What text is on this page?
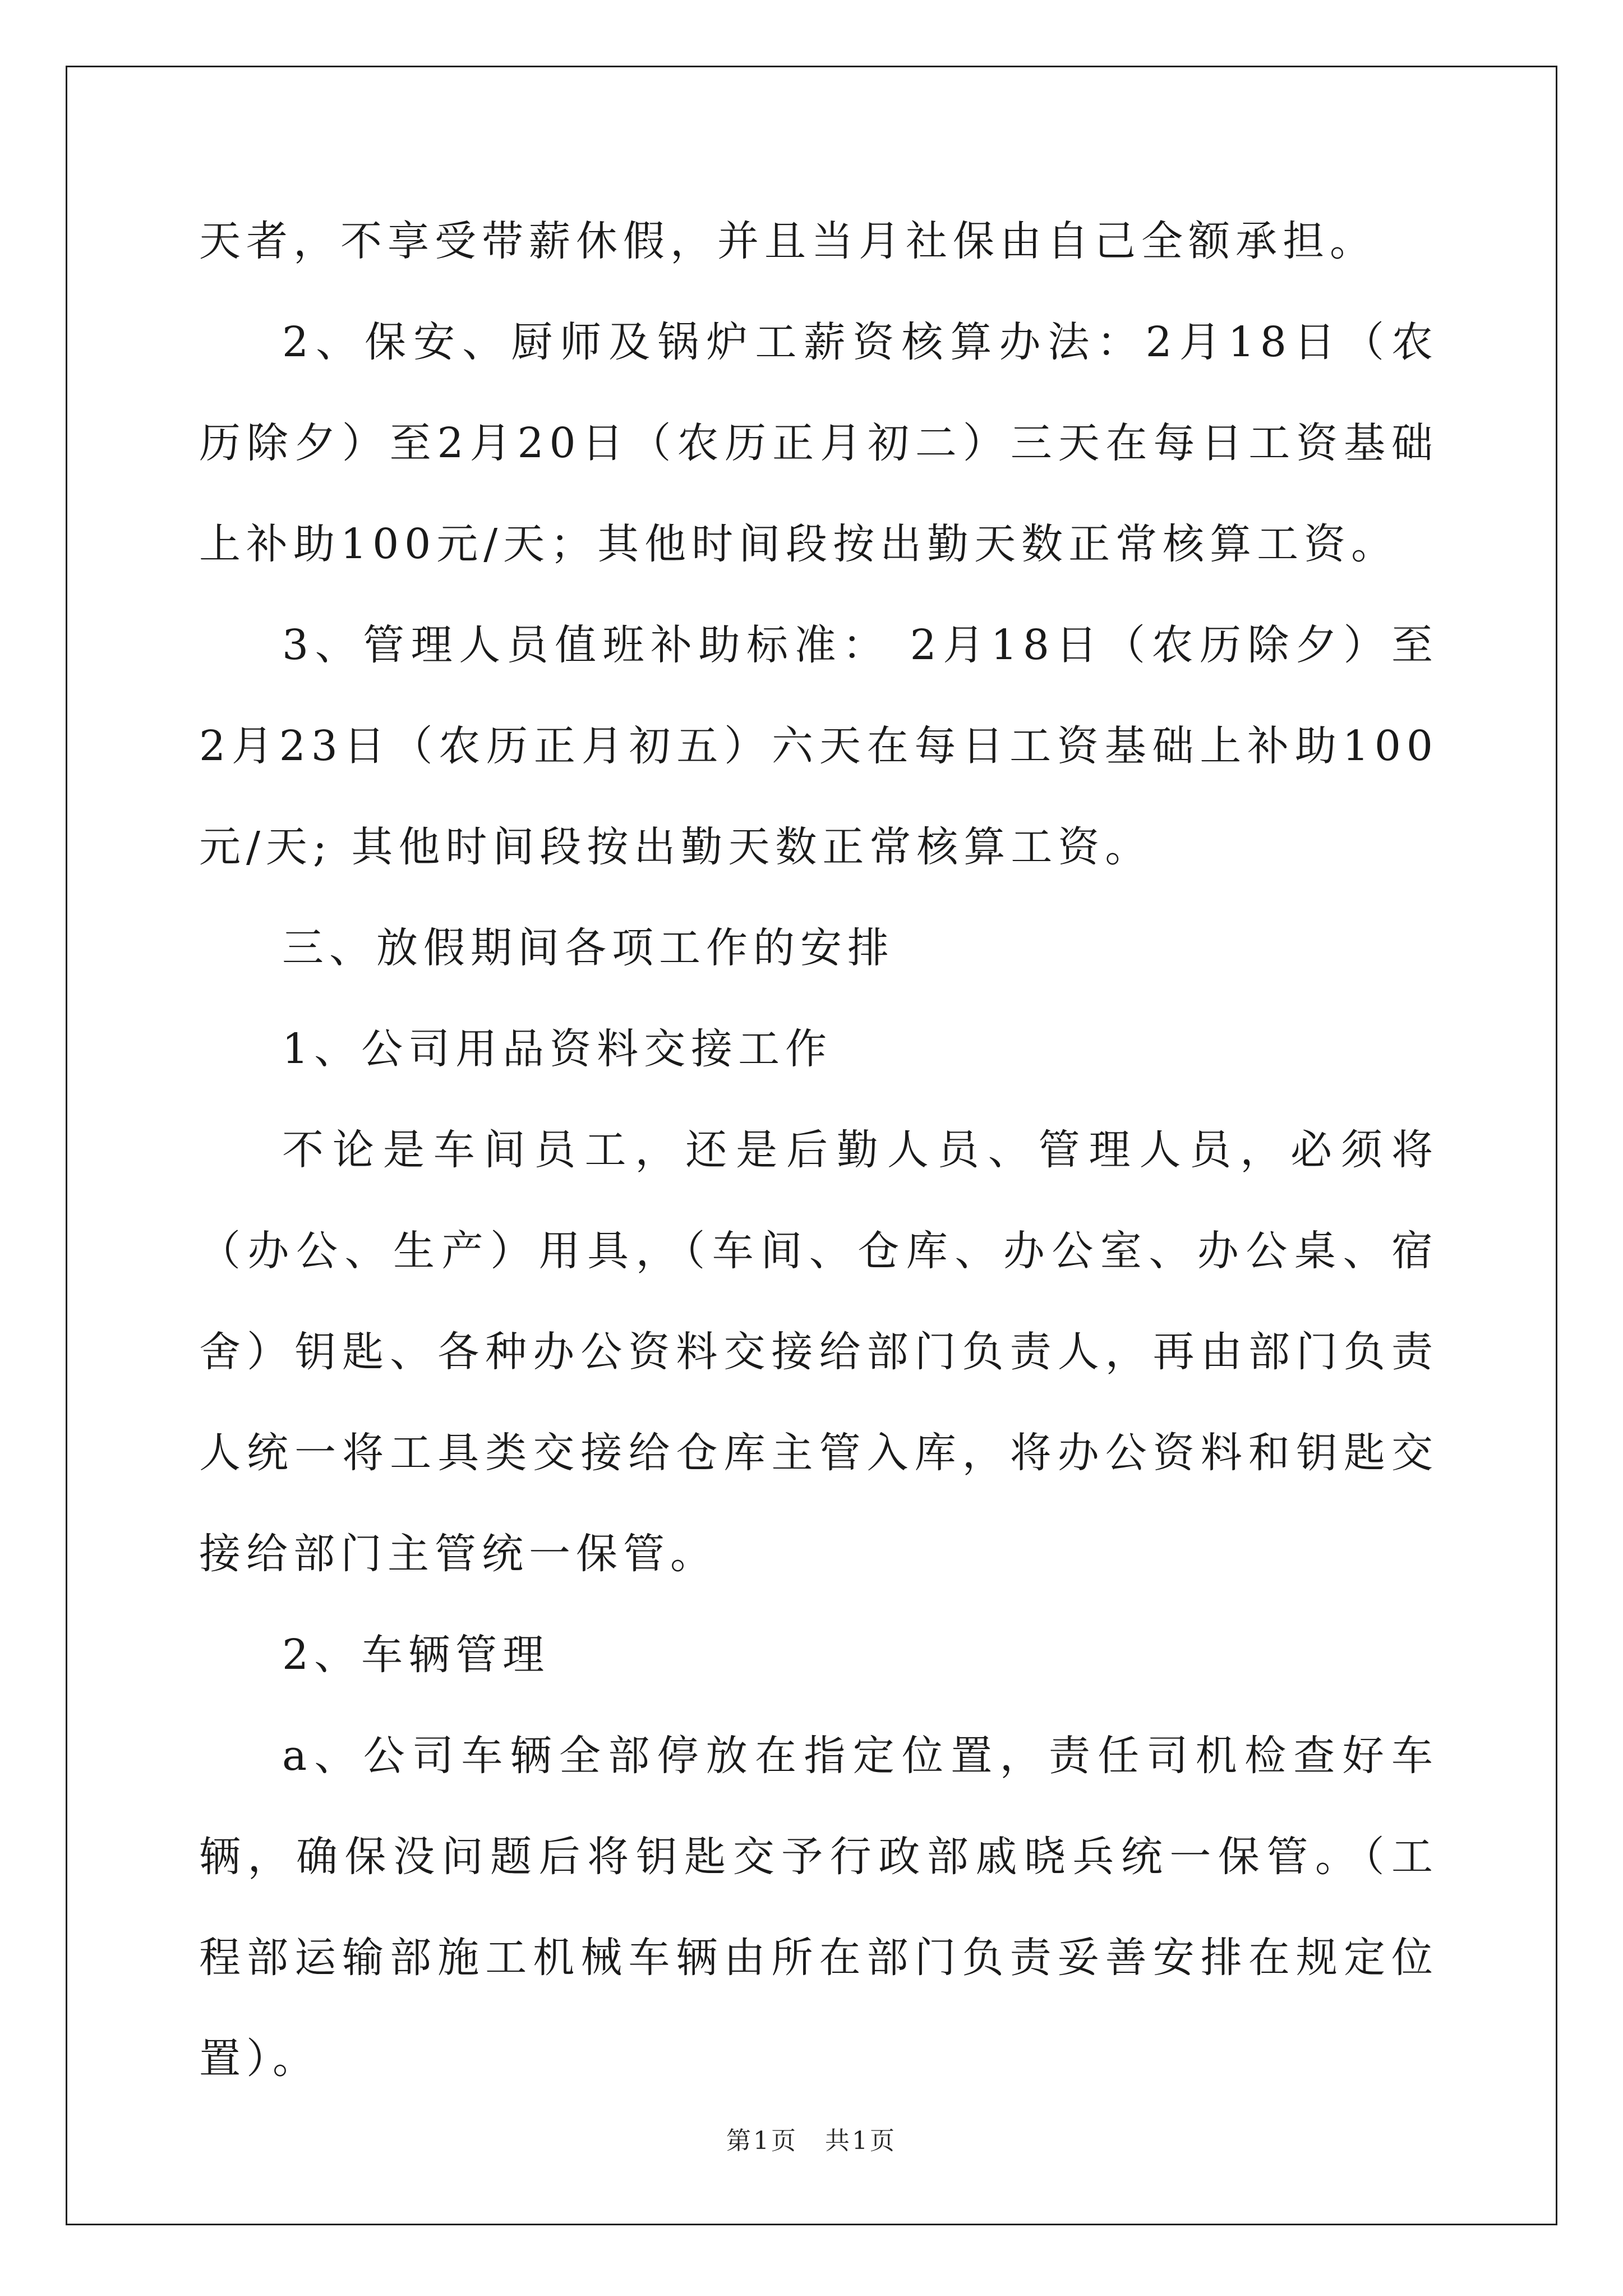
天者，不享受带薪休假，并且当月社保由自己全额承担。

2、保安、厨师及锅炉工薪资核算办法：2月18日（农历除夕）至2月20日（农历正月初二）三天在每日工资基础上补助100元/天；其他时间段按出勤天数正常核算工资。

3、管理人员值班补助标准： 2月18日（农历除夕）至2月23日（农历正月初五）六天在每日工资基础上补助100元/天; 其他时间段按出勤天数正常核算工资。

三、放假期间各项工作的安排

1、公司用品资料交接工作

不论是车间员工，还是后勤人员、管理人员，必须将（办公、生产）用具，（车间、仓库、办公室、办公桌、宿舍）钥匙、各种办公资料交接给部门负责人，再由部门负责人统一将工具类交接给仓库主管入库，将办公资料和钥匙交接给部门主管统一保管。

2、车辆管理

a、公司车辆全部停放在指定位置，责任司机检查好车辆，确保没问题后将钥匙交予行政部戚晓兵统一保管。（工程部运输部施工机械车辆由所在部门负责妥善安排在规定位置）。

第1页　共1页
